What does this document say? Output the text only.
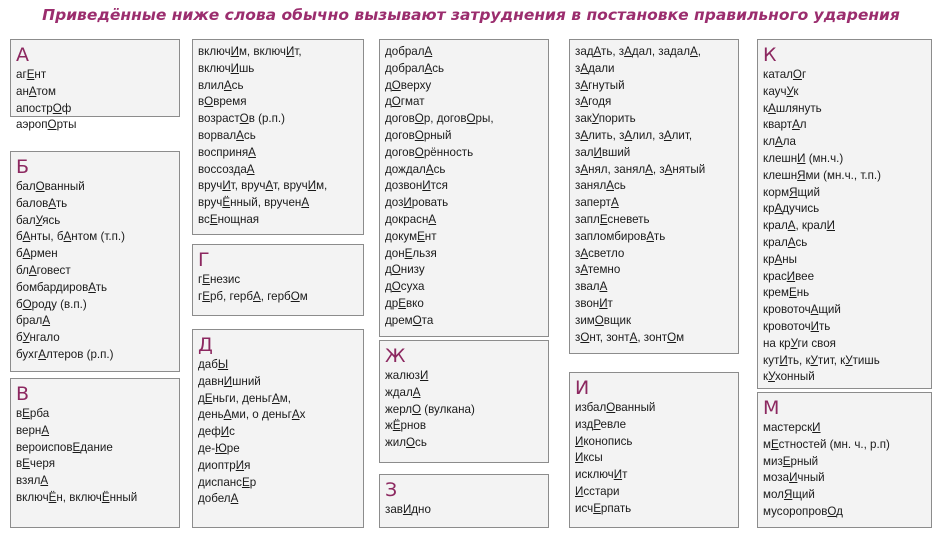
Приведённые ниже слова обычно вызывают затруднения в постановке правильного ударения
А
агЕнт
анАтом
апострОф
аэропОрты
Б
балОванный
баловАть
балУясь
бАнты, бАнтом (т.п.)
бАрмен
блАговест
бомбардировАть
бОроду (в.п.)
бралА
бУнгало
бухгАлтеров (р.п.)
В
вЕрба
вернА
вероисповЕдание
вЕчеря
взялА
включЁн, включЁнный
включИм, включИт,
включИшь
влилАсь
вОвремя
возрастОв (р.п.)
ворвалАсь
восприняА
воссоздаА
вручИт, вручАт, вручИм,
вручЁнный, врученА
всЕнощная
Г
гЕнезис
гЕрб, гербА, гербОм
Д
дабЫ
давнИшний
дЕньги, деньгАм,
деньАми, о деньгАх
дефИс
де-Юре
диоптрИя
диспансЕр
добелА
добралА
добралАсь
дОверху
дОгмат
договОр, договОры,
договОрный
договОрённость
дождалАсь
дозвонИтся
дозИровать
докраснА
докумЕнт
донЕльзя
дОнизу
дОсуха
дрЕвко
дремОта
Ж
жалюзИ
ждалА
жерлО (вулкана)
жЁрнов
жилОсь
З
завИдно
задАть, зАдал, задалА,
зАдали
зАгнутый
зАгодя
закУпорить
зАлить, зАлил, зАлит,
залИвший
зАнял, занялА, зАнятый
занялАсь
запертА
заплЕсневеть
запломбировАть
зАсветло
зАтемно
звалА
звонИт
зимОвщик
зОнт, зонтА, зонтОм
И
избалОванный
издРевле
Иконопись
Иксы
исключИт
Исстари
исчЕрпать
К
каталОг
каучУк
кАшлянуть
квартАл
клАла
клешнИ (мн.ч.)
клешнЯми (мн.ч., т.п.)
кормЯщий
крАдучись
кралА, кралИ
кралАсь
крАны
красИвее
кремЕнь
кровоточАщий
кровоточИть
на крУги своя
кутИть, кУтит, кУтишь
кУхонный
М
мастерскИ
мЕстностей (мн. ч., р.п)
мизЕрный
мозаИчный
молЯщий
мусоропровОд
